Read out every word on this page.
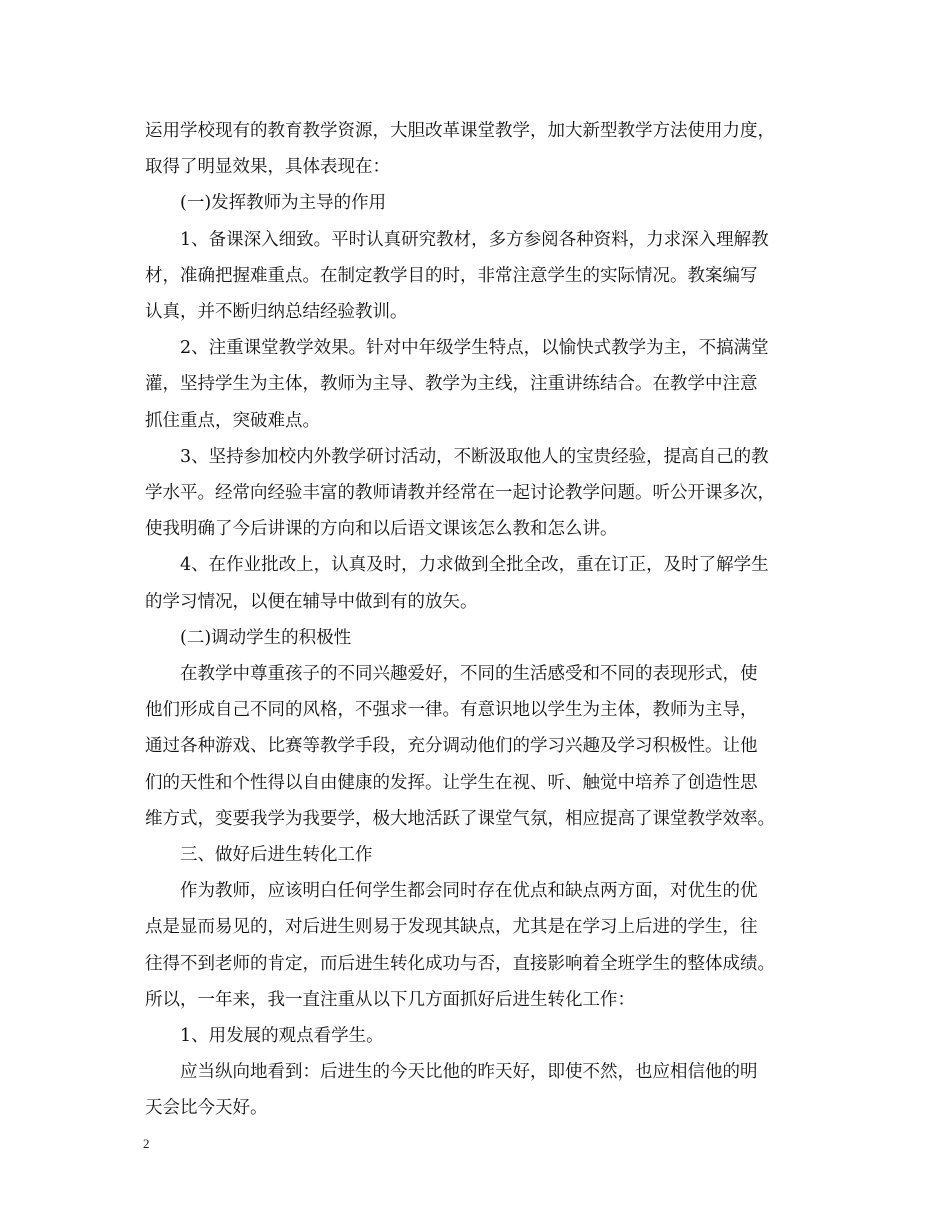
运用学校现有的教育教学资源，大胆改革课堂教学，加大新型教学方法使用力度，
取得了明显效果，具体表现在：

(一)发挥教师为主导的作用

1、备课深入细致。平时认真研究教材，多方参阅各种资料，力求深入理解教
材，准确把握难重点。在制定教学目的时，非常注意学生的实际情况。教案编写
认真，并不断归纳总结经验教训。

2、注重课堂教学效果。针对中年级学生特点，以愉快式教学为主，不搞满堂
灌，坚持学生为主体，教师为主导、教学为主线，注重讲练结合。在教学中注意
抓住重点，突破难点。

3、坚持参加校内外教学研讨活动，不断汲取他人的宝贵经验，提高自己的教
学水平。经常向经验丰富的教师请教并经常在一起讨论教学问题。听公开课多次，
使我明确了今后讲课的方向和以后语文课该怎么教和怎么讲。

4、在作业批改上，认真及时，力求做到全批全改，重在订正，及时了解学生
的学习情况，以便在辅导中做到有的放矢。

(二)调动学生的积极性

在教学中尊重孩子的不同兴趣爱好，不同的生活感受和不同的表现形式，使
他们形成自己不同的风格，不强求一律。有意识地以学生为主体，教师为主导，
通过各种游戏、比赛等教学手段，充分调动他们的学习兴趣及学习积极性。让他
们的天性和个性得以自由健康的发挥。让学生在视、听、触觉中培养了创造性思
维方式，变要我学为我要学，极大地活跃了课堂气氛，相应提高了课堂教学效率。

三、做好后进生转化工作

作为教师，应该明白任何学生都会同时存在优点和缺点两方面，对优生的优
点是显而易见的，对后进生则易于发现其缺点，尤其是在学习上后进的学生，往
往得不到老师的肯定，而后进生转化成功与否，直接影响着全班学生的整体成绩。
所以，一年来，我一直注重从以下几方面抓好后进生转化工作：

1、用发展的观点看学生。

应当纵向地看到：后进生的今天比他的昨天好，即使不然，也应相信他的明
天会比今天好。

2
